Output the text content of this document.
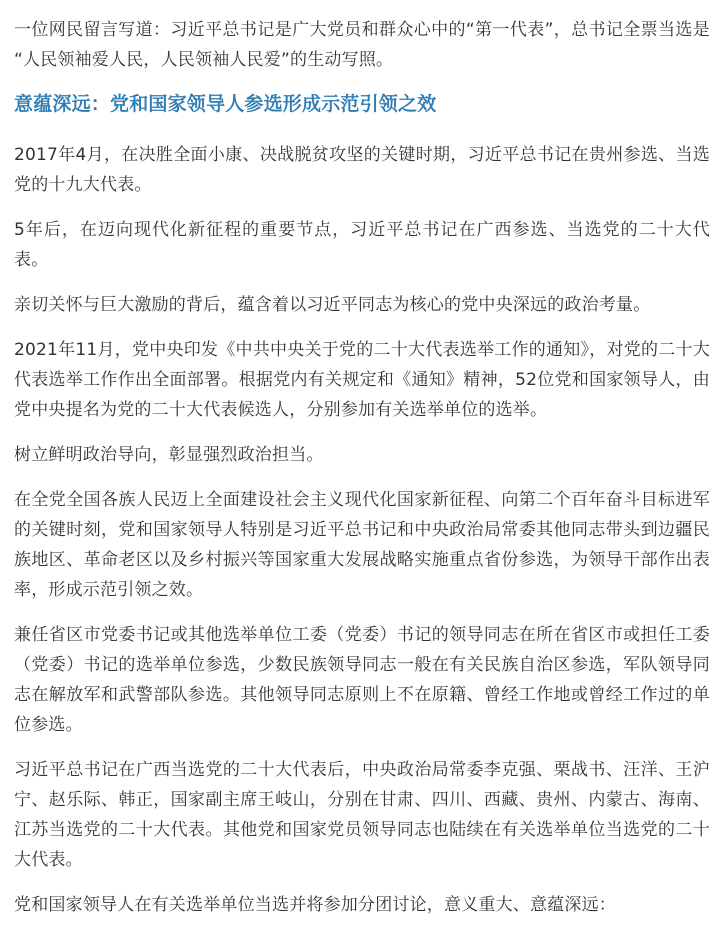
一位网民留言写道：习近平总书记是广大党员和群众心中的“第一代表”，总书记全票当选是“人民领袖爱人民，人民领袖人民爱”的生动写照。

意蕴深远：党和国家领导人参选形成示范引领之效

2017年4月，在决胜全面小康、决战脱贫攻坚的关键时期，习近平总书记在贵州参选、当选党的十九大代表。

5年后，在迈向现代化新征程的重要节点，习近平总书记在广西参选、当选党的二十大代表。

亲切关怀与巨大激励的背后，蕴含着以习近平同志为核心的党中央深远的政治考量。

2021年11月，党中央印发《中共中央关于党的二十大代表选举工作的通知》，对党的二十大代表选举工作作出全面部署。根据党内有关规定和《通知》精神，52位党和国家领导人，由党中央提名为党的二十大代表候选人，分别参加有关选举单位的选举。

树立鲜明政治导向，彰显强烈政治担当。

在全党全国各族人民迈上全面建设社会主义现代化国家新征程、向第二个百年奋斗目标进军的关键时刻，党和国家领导人特别是习近平总书记和中央政治局常委其他同志带头到边疆民族地区、革命老区以及乡村振兴等国家重大发展战略实施重点省份参选，为领导干部作出表率，形成示范引领之效。

兼任省区市党委书记或其他选举单位工委（党委）书记的领导同志在所在省区市或担任工委（党委）书记的选举单位参选，少数民族领导同志一般在有关民族自治区参选，军队领导同志在解放军和武警部队参选。其他领导同志原则上不在原籍、曾经工作地或曾经工作过的单位参选。

习近平总书记在广西当选党的二十大代表后，中央政治局常委李克强、栗战书、汪洋、王沪宁、赵乐际、韩正，国家副主席王岐山，分别在甘肃、四川、西藏、贵州、内蒙古、海南、江苏当选党的二十大代表。其他党和国家党员领导同志也陆续在有关选举单位当选党的二十大代表。

党和国家领导人在有关选举单位当选并将参加分团讨论，意义重大、意蕴深远：
